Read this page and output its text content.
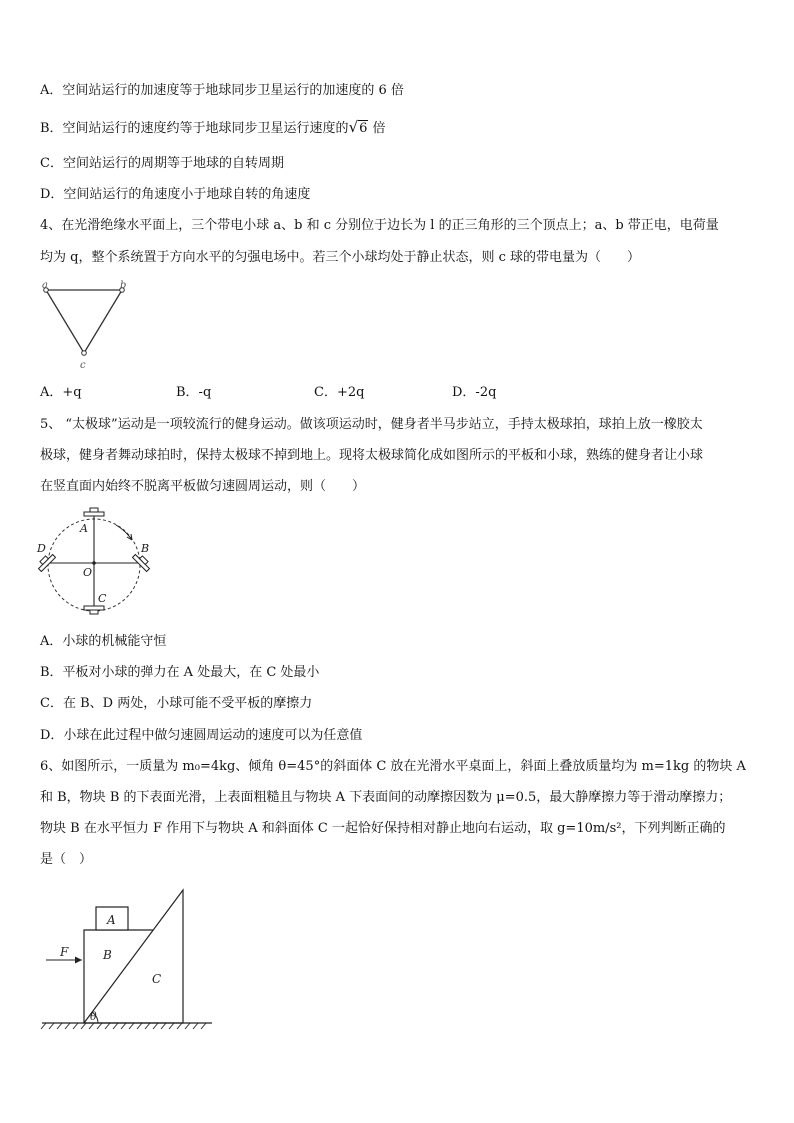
A．空间站运行的加速度等于地球同步卫星运行的加速度的 6 倍
B．空间站运行的速度约等于地球同步卫星运行速度的√6 倍
C．空间站运行的周期等于地球的自转周期
D．空间站运行的角速度小于地球自转的角速度
4、在光滑绝缘水平面上，三个带电小球 a、b 和 c 分别位于边长为 l 的正三角形的三个顶点上；a、b 带正电，电荷量
均为 q，整个系统置于方向水平的匀强电场中。若三个小球均处于静止状态，则 c 球的带电量为（　　）
a	b
c
A．+q	B．-q	C．+2q	D．-2q
5、 “太极球”运动是一项较流行的健身运动。做该项运动时，健身者半马步站立，手持太极球拍，球拍上放一橡胶太
极球，健身者舞动球拍时，保持太极球不掉到地上。现将太极球简化成如图所示的平板和小球，熟练的健身者让小球
在竖直面内始终不脱离平板做匀速圆周运动，则（　　）
A
B
C
D
O
A．小球的机械能守恒
B．平板对小球的弹力在 A 处最大，在 C 处最小
C．在 B、D 两处，小球可能不受平板的摩擦力
D．小球在此过程中做匀速圆周运动的速度可以为任意值
6、如图所示，一质量为 m₀=4kg、倾角 θ=45°的斜面体 C 放在光滑水平桌面上，斜面上叠放质量均为 m=1kg 的物块 A
和 B，物块 B 的下表面光滑，上表面粗糙且与物块 A 下表面间的动摩擦因数为 μ=0.5，最大静摩擦力等于滑动摩擦力；
物块 B 在水平恒力 F 作用下与物块 A 和斜面体 C 一起恰好保持相对静止地向右运动，取 g=10m/s²，下列判断正确的
是（　）
A
B
C
F
θ
